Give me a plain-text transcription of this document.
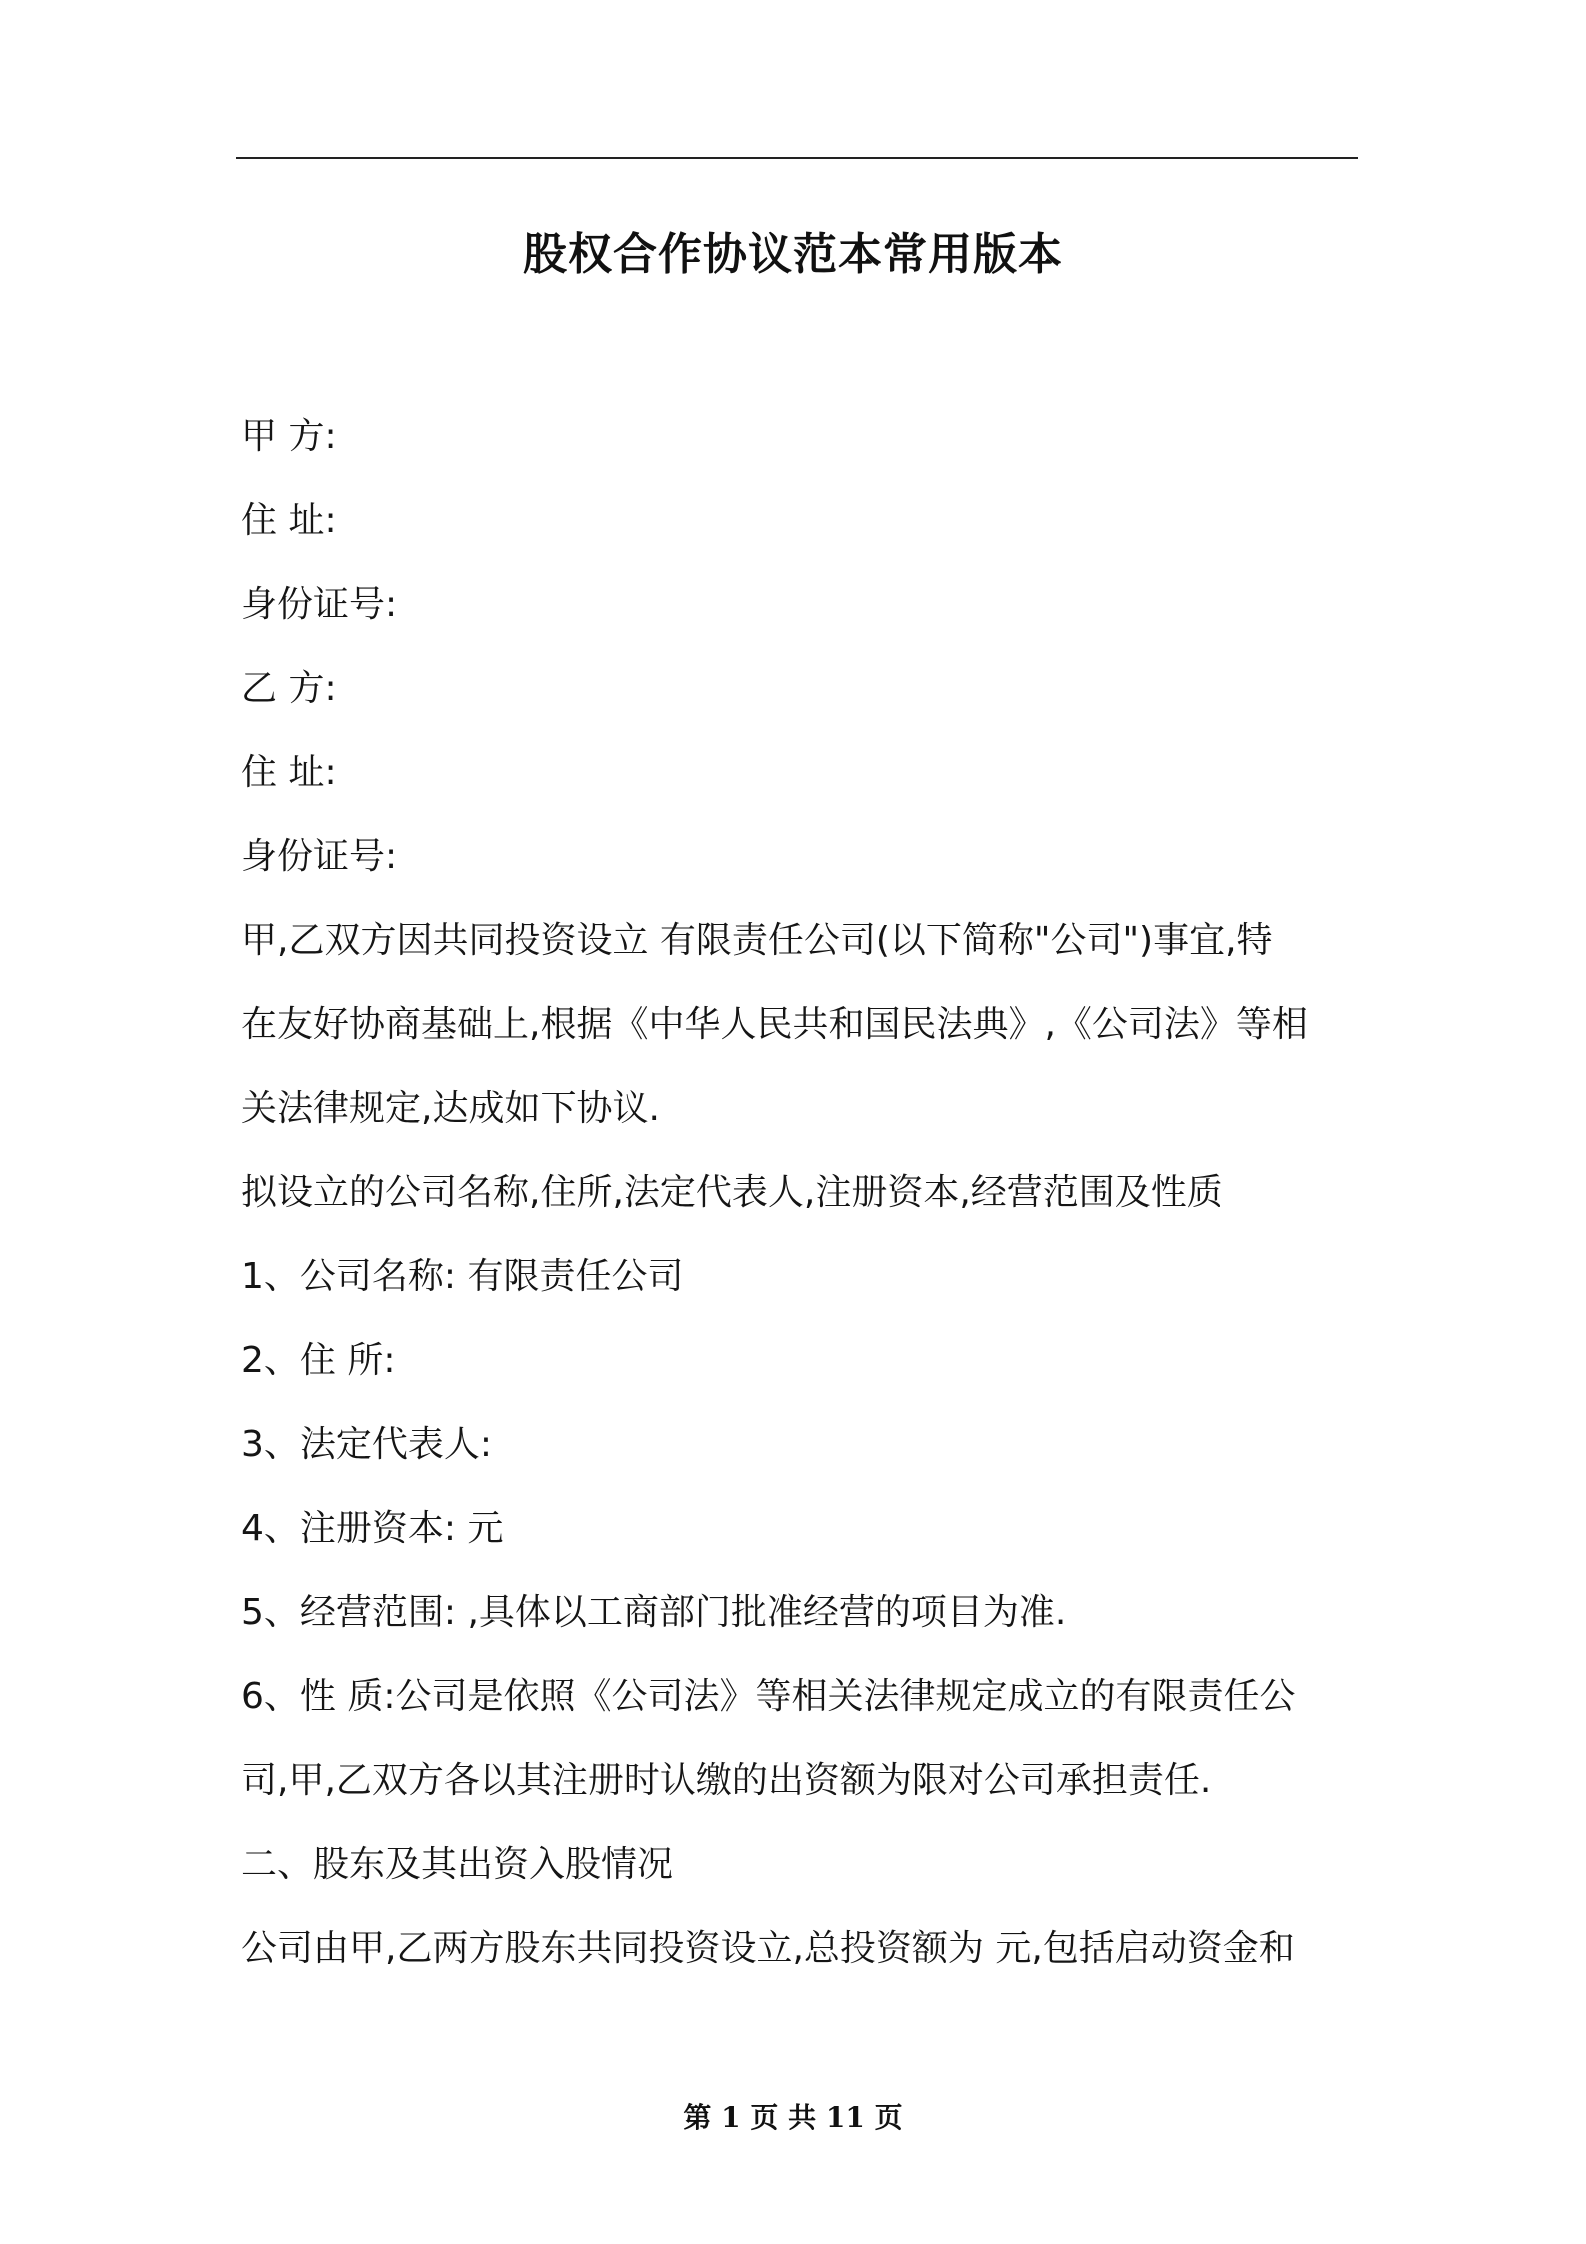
股权合作协议范本常用版本
甲 方:
住 址:
身份证号:
乙 方:
住 址:
身份证号:
甲,乙双方因共同投资设立 有限责任公司(以下简称"公司")事宜,特
在友好协商基础上,根据《中华人民共和国民法典》,《公司法》等相
关法律规定,达成如下协议.
拟设立的公司名称,住所,法定代表人,注册资本,经营范围及性质
1、公司名称: 有限责任公司
2、住 所:
3、法定代表人:
4、注册资本: 元
5、经营范围: ,具体以工商部门批准经营的项目为准.
6、性 质:公司是依照《公司法》等相关法律规定成立的有限责任公
司,甲,乙双方各以其注册时认缴的出资额为限对公司承担责任.
二、股东及其出资入股情况
公司由甲,乙两方股东共同投资设立,总投资额为 元,包括启动资金和
第 1 页 共 11 页
